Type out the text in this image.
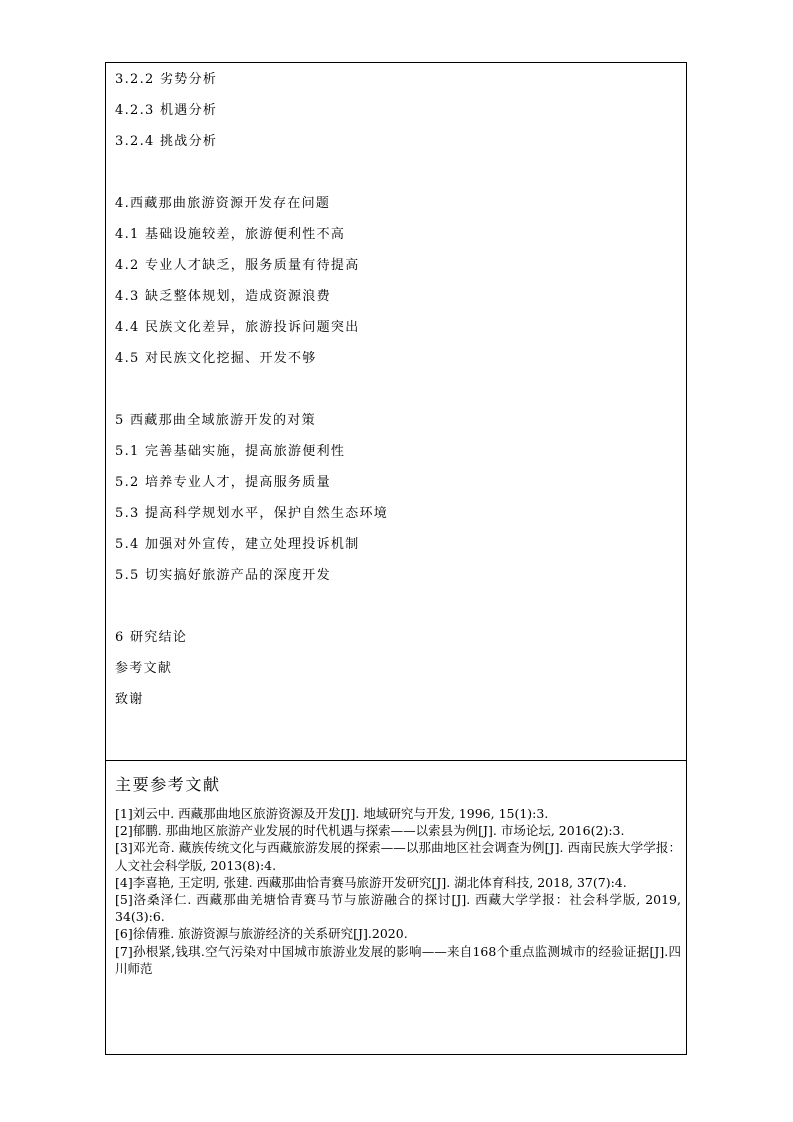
3.2.2 劣势分析
4.2.3 机遇分析
3.2.4 挑战分析
4.西藏那曲旅游资源开发存在问题
4.1 基础设施较差，旅游便利性不高
4.2 专业人才缺乏，服务质量有待提高
4.3 缺乏整体规划，造成资源浪费
4.4 民族文化差异，旅游投诉问题突出
4.5 对民族文化挖掘、开发不够
5 西藏那曲全域旅游开发的对策
5.1 完善基础实施，提高旅游便利性
5.2 培养专业人才，提高服务质量
5.3 提高科学规划水平，保护自然生态环境
5.4 加强对外宣传，建立处理投诉机制
5.5 切实搞好旅游产品的深度开发
6 研究结论
参考文献
致谢
主要参考文献
[1]刘云中. 西藏那曲地区旅游资源及开发[J]. 地域研究与开发, 1996, 15(1):3.
[2]郁鹏. 那曲地区旅游产业发展的时代机遇与探索——以索县为例[J]. 市场论坛, 2016(2):3.
[3]邓光奇. 藏族传统文化与西藏旅游发展的探索——以那曲地区社会调查为例[J]. 西南民族大学学报：人文社会科学版, 2013(8):4.
[4]李喜艳, 王定明, 张建. 西藏那曲恰青赛马旅游开发研究[J]. 湖北体育科技, 2018, 37(7):4.
[5]洛桑泽仁. 西藏那曲羌塘恰青赛马节与旅游融合的探讨[J]. 西藏大学学报：社会科学版, 2019, 34(3):6.
[6]徐倩雅. 旅游资源与旅游经济的关系研究[J].2020.
[7]孙根紧,钱琪.空气污染对中国城市旅游业发展的影响——来自168个重点监测城市的经验证据[J].四川师范
